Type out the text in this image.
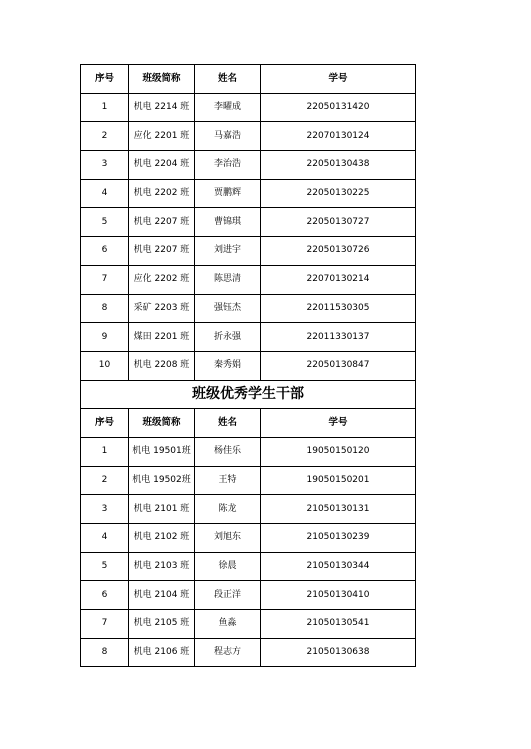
序号	班级简称	姓名	学号
1	机电 2214 班	李曜成	22050131420
2	应化 2201 班	马嘉浩	22070130124
3	机电 2204 班	李治浩	22050130438
4	机电 2202 班	贾鹏辉	22050130225
5	机电 2207 班	曹锦琪	22050130727
6	机电 2207 班	刘进宇	22050130726
7	应化 2202 班	陈思清	22070130214
8	采矿 2203 班	强钰杰	22011530305
9	煤田 2201 班	折永强	22011330137
10	机电 2208 班	秦秀娟	22050130847
班级优秀学生干部			
序号	班级简称	姓名	学号
1	机电 19501班	杨佳乐	19050150120
2	机电 19502班	王特	19050150201
3	机电 2101 班	陈龙	21050130131
4	机电 2102 班	刘旭东	21050130239
5	机电 2103 班	徐晨	21050130344
6	机电 2104 班	段正洋	21050130410
7	机电 2105 班	鱼淼	21050130541
8	机电 2106 班	程志方	21050130638
